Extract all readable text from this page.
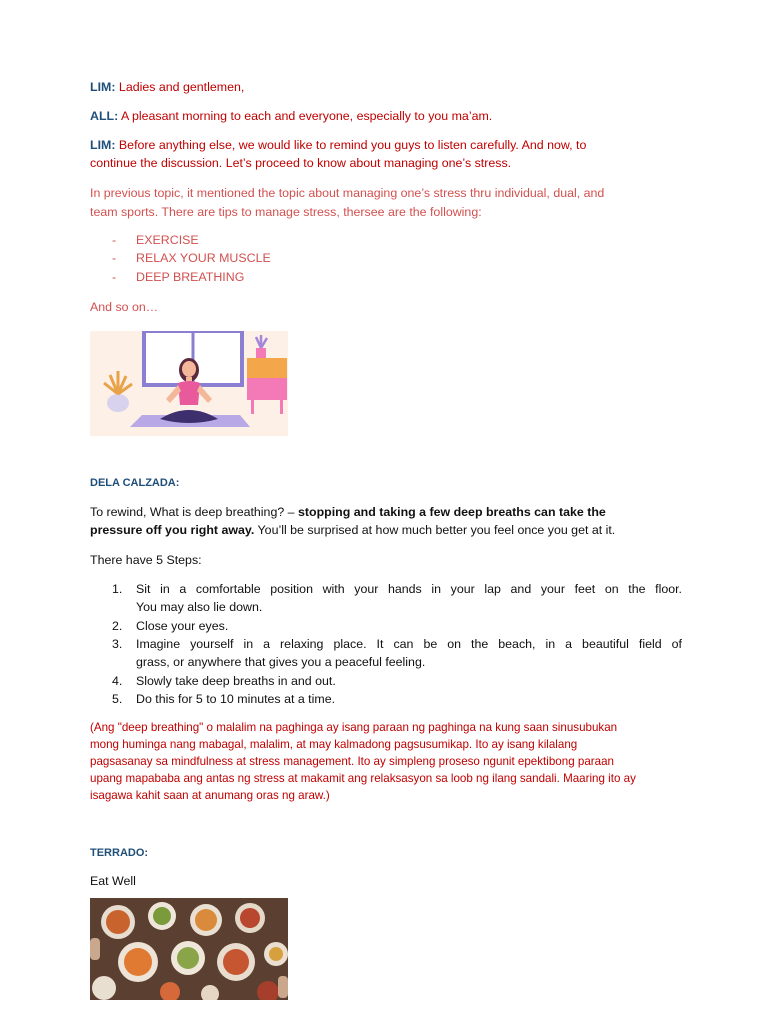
LIM: Ladies and gentlemen,
ALL: A pleasant morning to each and everyone, especially to you ma’am.
LIM: Before anything else, we would like to remind you guys to listen carefully. And now, to
continue the discussion. Let’s proceed to know about managing one’s stress.
In previous topic, it mentioned the topic about managing one’s stress thru individual, dual, and
team sports. There are tips to manage stress, thersee are the following:
- EXERCISE
- RELAX YOUR MUSCLE
- DEEP BREATHING
And so on…
DELA CALZADA:
To rewind, What is deep breathing? – stopping and taking a few deep breaths can take the
pressure off you right away. You’ll be surprised at how much better you feel once you get at it.
There have 5 Steps:
1. Sit in a comfortable position with your hands in your lap and your feet on the floor.
You may also lie down.
2. Close your eyes.
3. Imagine yourself in a relaxing place. It can be on the beach, in a beautiful field of
grass, or anywhere that gives you a peaceful feeling.
4. Slowly take deep breaths in and out.
5. Do this for 5 to 10 minutes at a time.
(Ang "deep breathing" o malalim na paghinga ay isang paraan ng paghinga na kung saan sinusubukan
mong huminga nang mabagal, malalim, at may kalmadong pagsusumikap. Ito ay isang kilalang
pagsasanay sa mindfulness at stress management. Ito ay simpleng proseso ngunit epektibong paraan
upang mapababa ang antas ng stress at makamit ang relaksasyon sa loob ng ilang sandali. Maaring ito ay
isagawa kahit saan at anumang oras ng araw.)
TERRADO:
Eat Well
